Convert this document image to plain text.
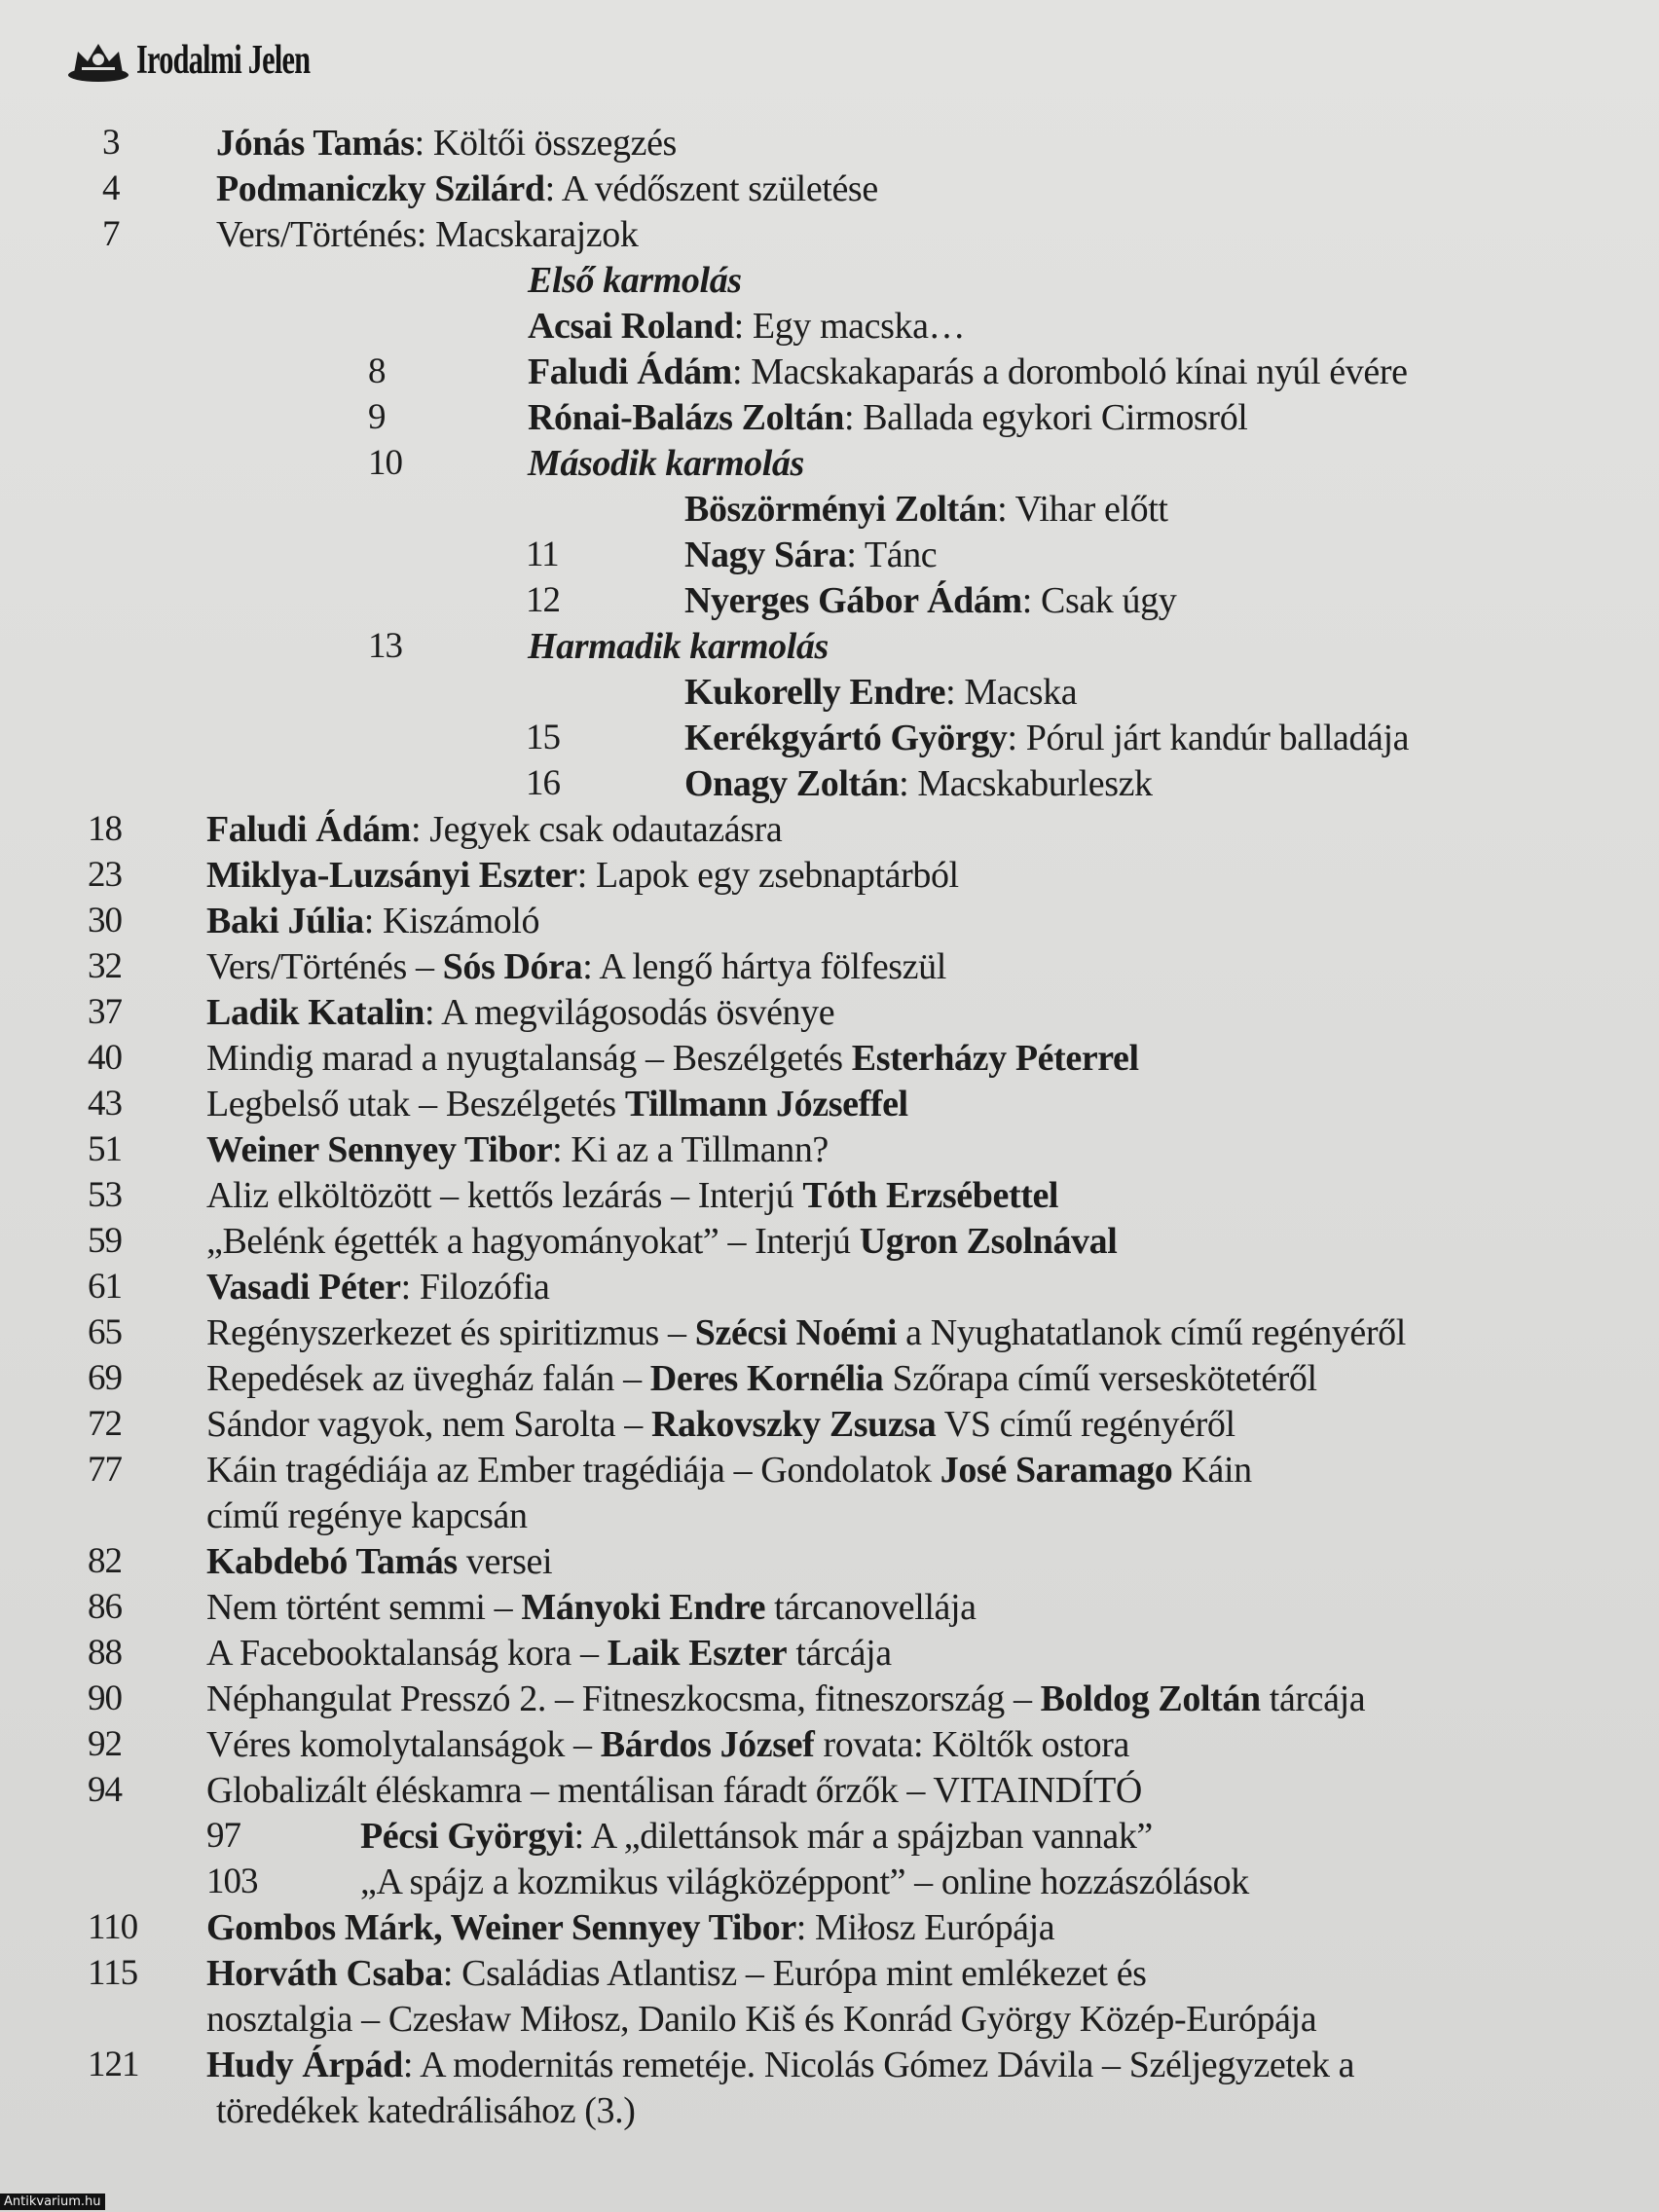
Irodalmi Jelen
3	Jónás Tamás: Költői összegzés
4	Podmaniczky Szilárd: A védőszent születése
7	Vers/Történés: Macskarajzok
Első karmolás
Acsai Roland: Egy macska…
8	Faludi Ádám: Macskakaparás a doromboló kínai nyúl évére
9	Rónai-Balázs Zoltán: Ballada egykori Cirmosról
10	Második karmolás
Böszörményi Zoltán: Vihar előtt
11	Nagy Sára: Tánc
12	Nyerges Gábor Ádám: Csak úgy
13	Harmadik karmolás
Kukorelly Endre: Macska
15	Kerékgyártó György: Pórul járt kandúr balladája
16	Onagy Zoltán: Macskaburleszk
18 Faludi Ádám: Jegyek csak odautazásra
23 Miklya-Luzsányi Eszter: Lapok egy zsebnaptárból
30 Baki Júlia: Kiszámoló
32 Vers/Történés – Sós Dóra: A lengő hártya fölfeszül
37 Ladik Katalin: A megvilágosodás ösvénye
40 Mindig marad a nyugtalanság – Beszélgetés Esterházy Péterrel
43 Legbelső utak – Beszélgetés Tillmann Józseffel
51 Weiner Sennyey Tibor: Ki az a Tillmann?
53 Aliz elköltözött – kettős lezárás – Interjú Tóth Erzsébettel
59 „Belénk égették a hagyományokat” – Interjú Ugron Zsolnával
61 Vasadi Péter: Filozófia
65 Regényszerkezet és spiritizmus – Szécsi Noémi a Nyughatatlanok című regényéről
69 Repedések az üvegház falán – Deres Kornélia Szőrapa című verseskötetéről
72 Sándor vagyok, nem Sarolta – Rakovszky Zsuzsa VS című regényéről
77 Káin tragédiája az Ember tragédiája – Gondolatok José Saramago Káin
című regénye kapcsán
82 Kabdebó Tamás versei
86 Nem történt semmi – Mányoki Endre tárcanovellája
88 A Facebooktalanság kora – Laik Eszter tárcája
90 Néphangulat Presszó 2. – Fitneszkocsma, fitneszország – Boldog Zoltán tárcája
92 Véres komolytalanságok – Bárdos József rovata: Költők ostora
94 Globalizált éléskamra – mentálisan fáradt őrzők – VITAINDÍTÓ
97	Pécsi Györgyi: A „dilettánsok már a spájzban vannak”
103	„A spájz a kozmikus világközéppont” – online hozzászólások
110 Gombos Márk, Weiner Sennyey Tibor: Miłosz Európája
115 Horváth Csaba: Családias Atlantisz – Európa mint emlékezet és
nosztalgia – Czesław Miłosz, Danilo Kiš és Konrád György Közép-Európája
121 Hudy Árpád: A modernitás remetéje. Nicolás Gómez Dávila – Széljegyzetek a
töredékek katedrálisához (3.)
Antikvarium.hu
